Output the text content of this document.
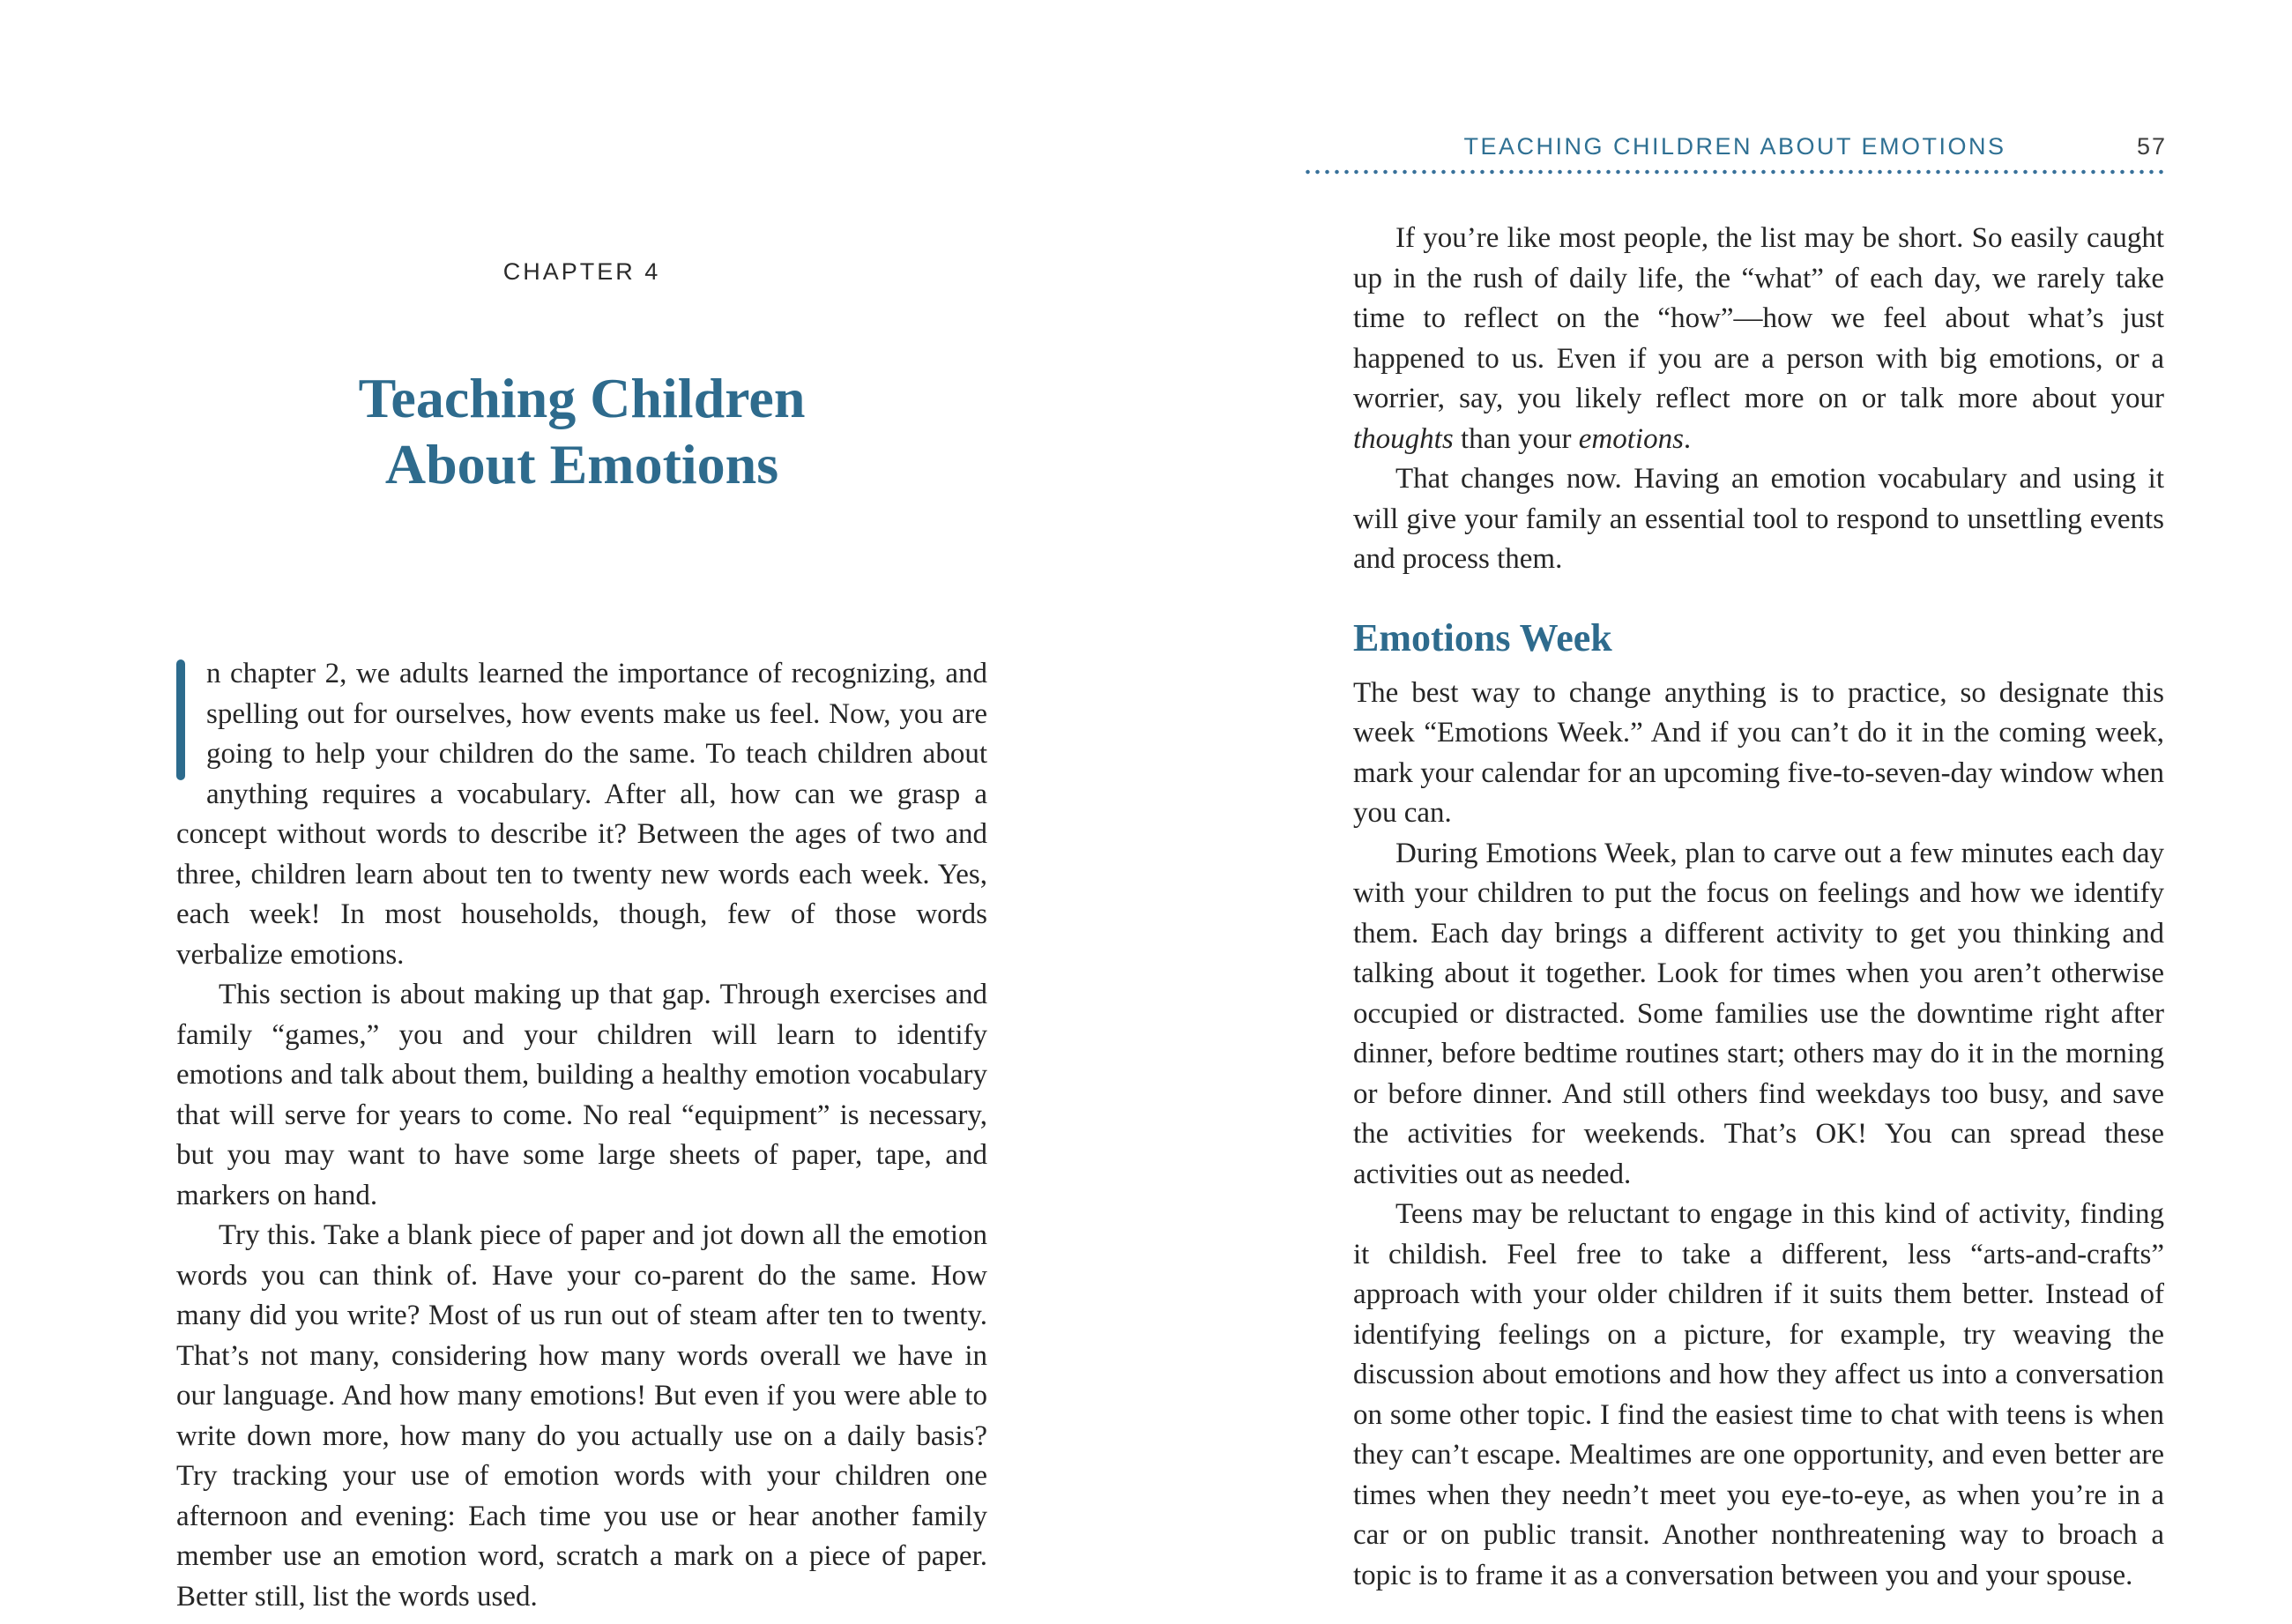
CHAPTER 4
Teaching Children
About Emotions

n chapter 2, we adults learned the importance of recognizing, and spelling out for ourselves, how events make us feel. Now, you are going to help your children do the same. To teach children about anything requires a vocabulary. After all, how can we grasp a concept without words to describe it? Between the ages of two and three, children learn about ten to twenty new words each week. Yes, each week! In most households, though, few of those words verbalize emotions.

This section is about making up that gap. Through exercises and family “games,” you and your children will learn to identify emotions and talk about them, building a healthy emotion vocabulary that will serve for years to come. No real “equipment” is necessary, but you may want to have some large sheets of paper, tape, and markers on hand.

Try this. Take a blank piece of paper and jot down all the emotion words you can think of. Have your co-parent do the same. How many did you write? Most of us run out of steam after ten to twenty. That’s not many, considering how many words overall we have in our language. And how many emotions! But even if you were able to write down more, how many do you actually use on a daily basis? Try tracking your use of emotion words with your children one afternoon and evening: Each time you use or hear another family member use an emotion word, scratch a mark on a piece of paper. Better still, list the words used.

TEACHING CHILDREN ABOUT EMOTIONS	57

If you’re like most people, the list may be short. So easily caught up in the rush of daily life, the “what” of each day, we rarely take time to reflect on the “how”—how we feel about what’s just happened to us. Even if you are a person with big emotions, or a worrier, say, you likely reflect more on or talk more about your thoughts than your emotions.

That changes now. Having an emotion vocabulary and using it will give your family an essential tool to respond to unsettling events and process them.

Emotions Week

The best way to change anything is to practice, so designate this week “Emotions Week.” And if you can’t do it in the coming week, mark your calendar for an upcoming five-to-seven-day window when you can.

During Emotions Week, plan to carve out a few minutes each day with your children to put the focus on feelings and how we identify them. Each day brings a different activity to get you thinking and talking about it together. Look for times when you aren’t otherwise occupied or distracted. Some families use the downtime right after dinner, before bedtime routines start; others may do it in the morning or before dinner. And still others find weekdays too busy, and save the activities for weekends. That’s OK! You can spread these activities out as needed.

Teens may be reluctant to engage in this kind of activity, finding it childish. Feel free to take a different, less “arts-and-crafts” approach with your older children if it suits them better. Instead of identifying feelings on a picture, for example, try weaving the discussion about emotions and how they affect us into a conversation on some other topic. I find the easiest time to chat with teens is when they can’t escape. Mealtimes are one opportunity, and even better are times when they needn’t meet you eye-to-eye, as when you’re in a car or on public transit. Another nonthreatening way to broach a topic is to frame it as a conversation between you and your spouse.
